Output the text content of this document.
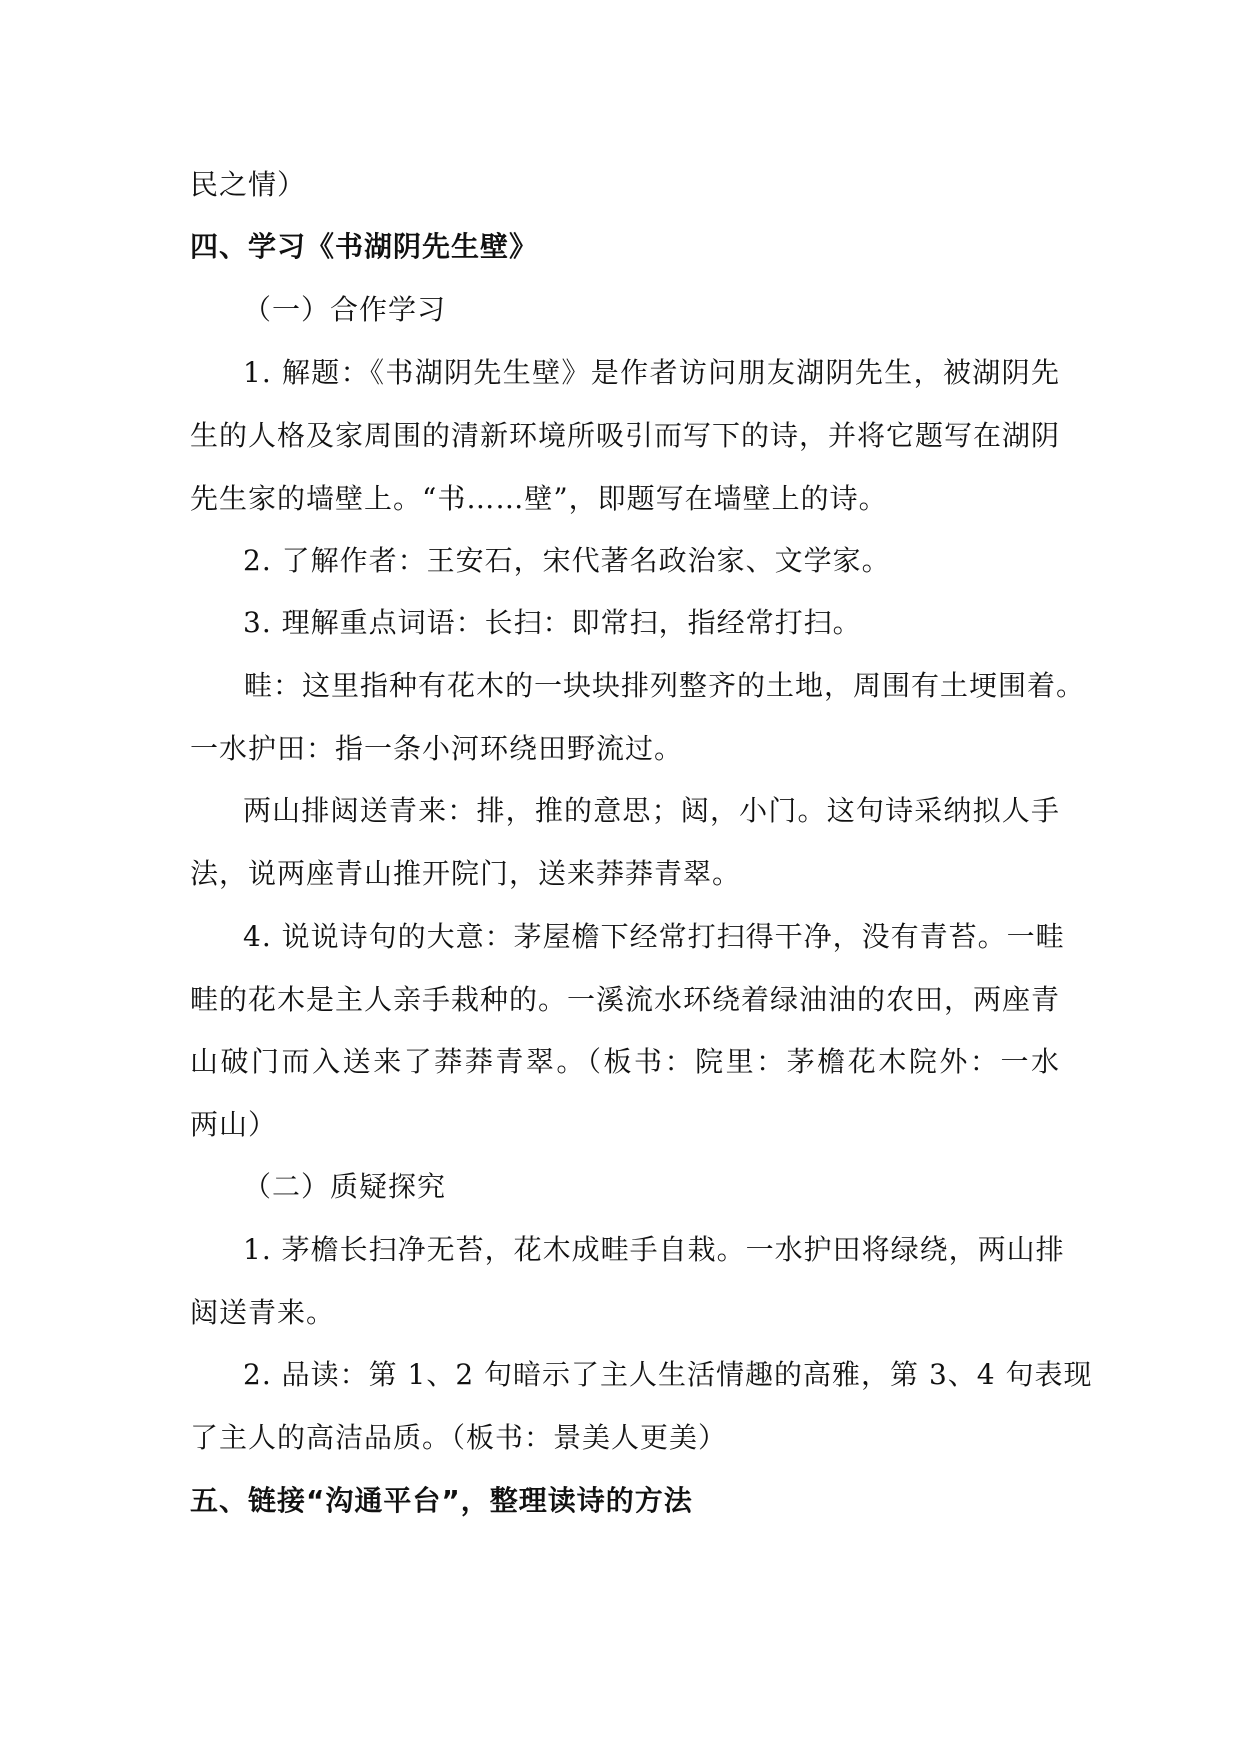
民之情）
四、学习《书湖阴先生壁》
（一）合作学习
1. 解题：《书湖阴先生壁》是作者访问朋友湖阴先生，被湖阴先
生的人格及家周围的清新环境所吸引而写下的诗，并将它题写在湖阴
先生家的墙壁上。“书……壁”，即题写在墙壁上的诗。
2. 了解作者：王安石，宋代著名政治家、文学家。
3. 理解重点词语：长扫：即常扫，指经常打扫。
畦：这里指种有花木的一块块排列整齐的土地，周围有土埂围着。
一水护田：指一条小河环绕田野流过。
两山排闼送青来：排，推的意思；闼，小门。这句诗采纳拟人手
法，说两座青山推开院门，送来莽莽青翠。
4. 说说诗句的大意：茅屋檐下经常打扫得干净，没有青苔。一畦
畦的花木是主人亲手栽种的。一溪流水环绕着绿油油的农田，两座青
山破门而入送来了莽莽青翠。（板书：院里：茅檐花木院外：一水
两山）
（二）质疑探究
1. 茅檐长扫净无苔，花木成畦手自栽。一水护田将绿绕，两山排
闼送青来。
2. 品读：第 1、2 句暗示了主人生活情趣的高雅，第 3、4 句表现
了主人的高洁品质。（板书：景美人更美）
五、链接“沟通平台”，整理读诗的方法
